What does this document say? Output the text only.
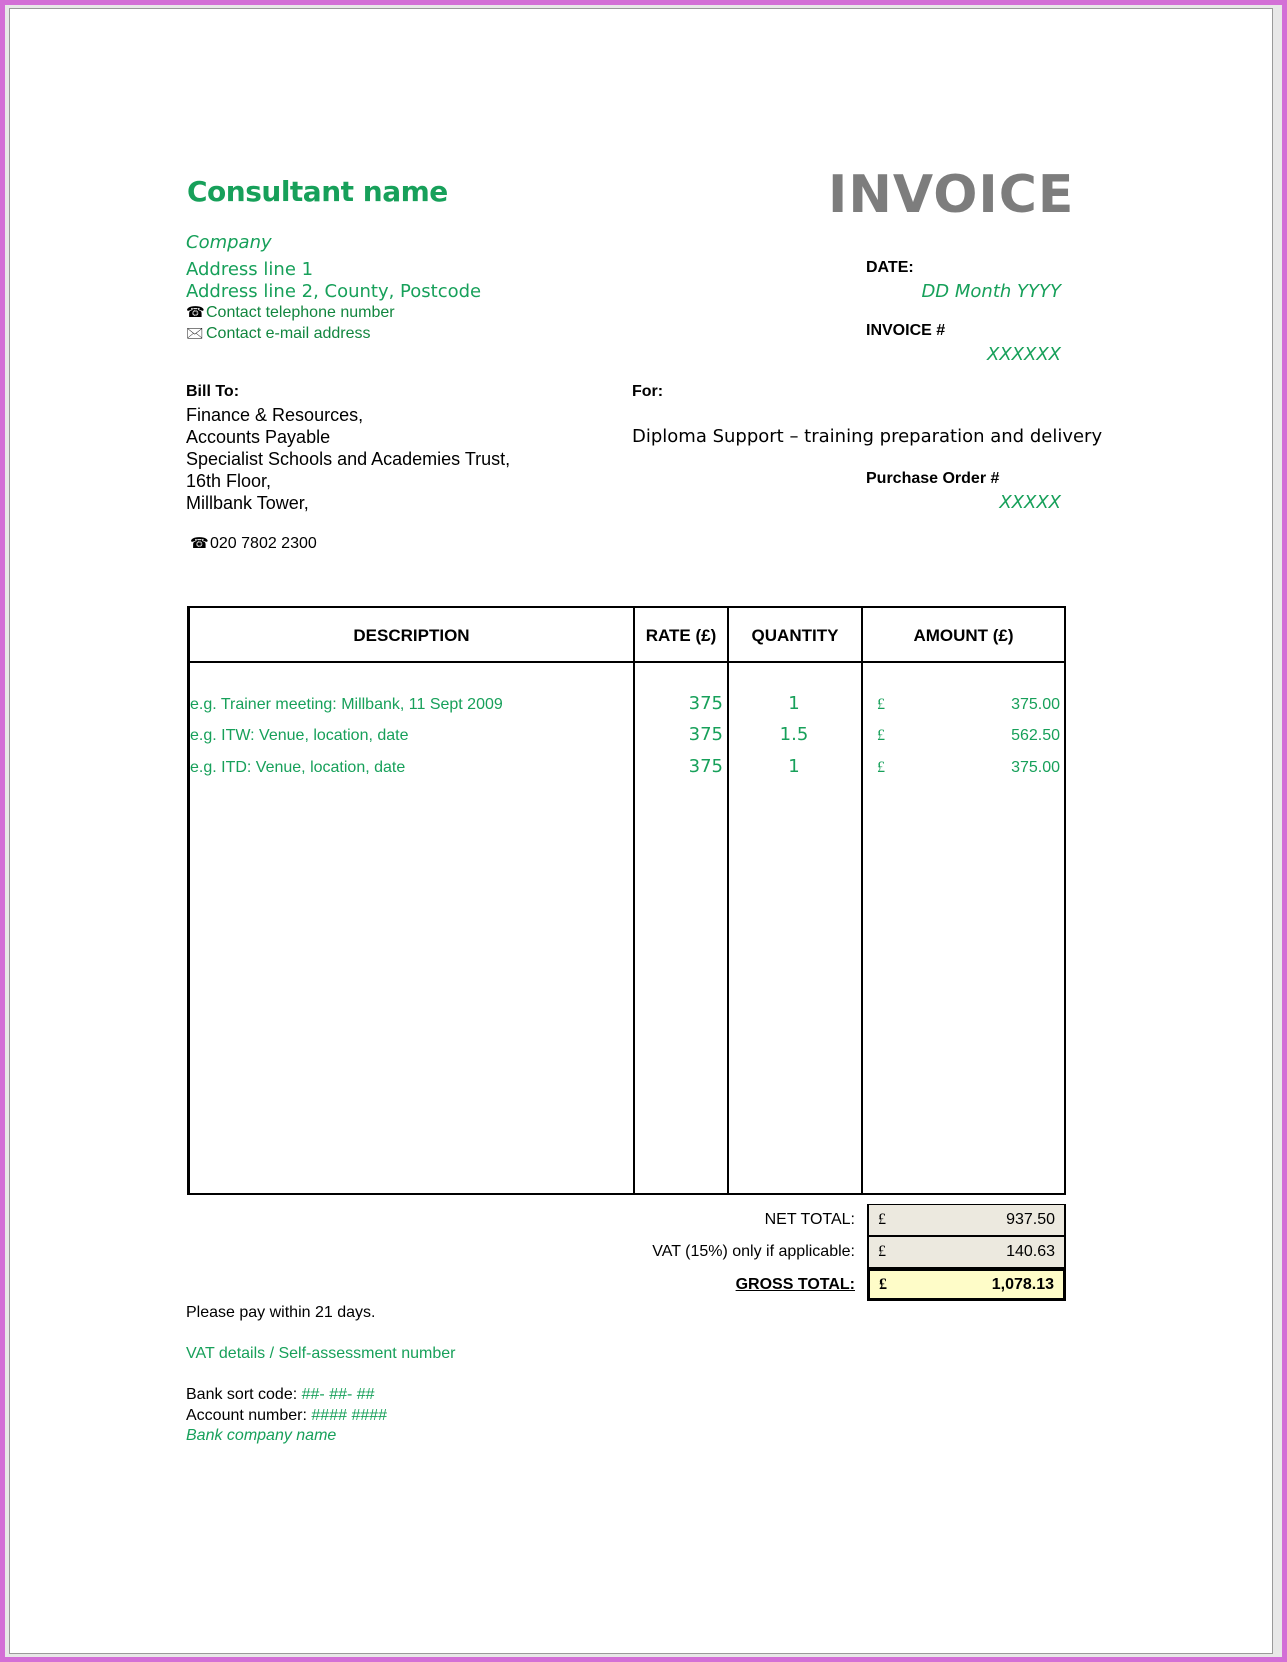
Consultant name	INVOICE
Company
Address line 1
Address line 2, County, Postcode
☎Contact telephone number
🖂 Contact e-mail address
DATE:
DD Month YYYY
INVOICE #
XXXXXX
Bill To:
Finance & Resources,
Accounts Payable
Specialist Schools and Academies Trust,
16th Floor,
Millbank Tower,
☎020 7802 2300
For:
Diploma Support – training preparation and delivery
Purchase Order #
XXXXX
DESCRIPTION	RATE (£)	QUANTITY	AMOUNT (£)
e.g. Trainer meeting: Millbank, 11 Sept 2009	375	1	£	375.00
e.g. ITW: Venue, location, date	375	1.5	£	562.50
e.g. ITD: Venue, location, date	375	1	£	375.00
NET TOTAL: £	937.50
VAT (15%) only if applicable: £	140.63
GROSS TOTAL: £	1,078.13
Please pay within 21 days.
VAT details / Self-assessment number
Bank sort code: ##- ##- ##
Account number: #### ####
Bank company name
